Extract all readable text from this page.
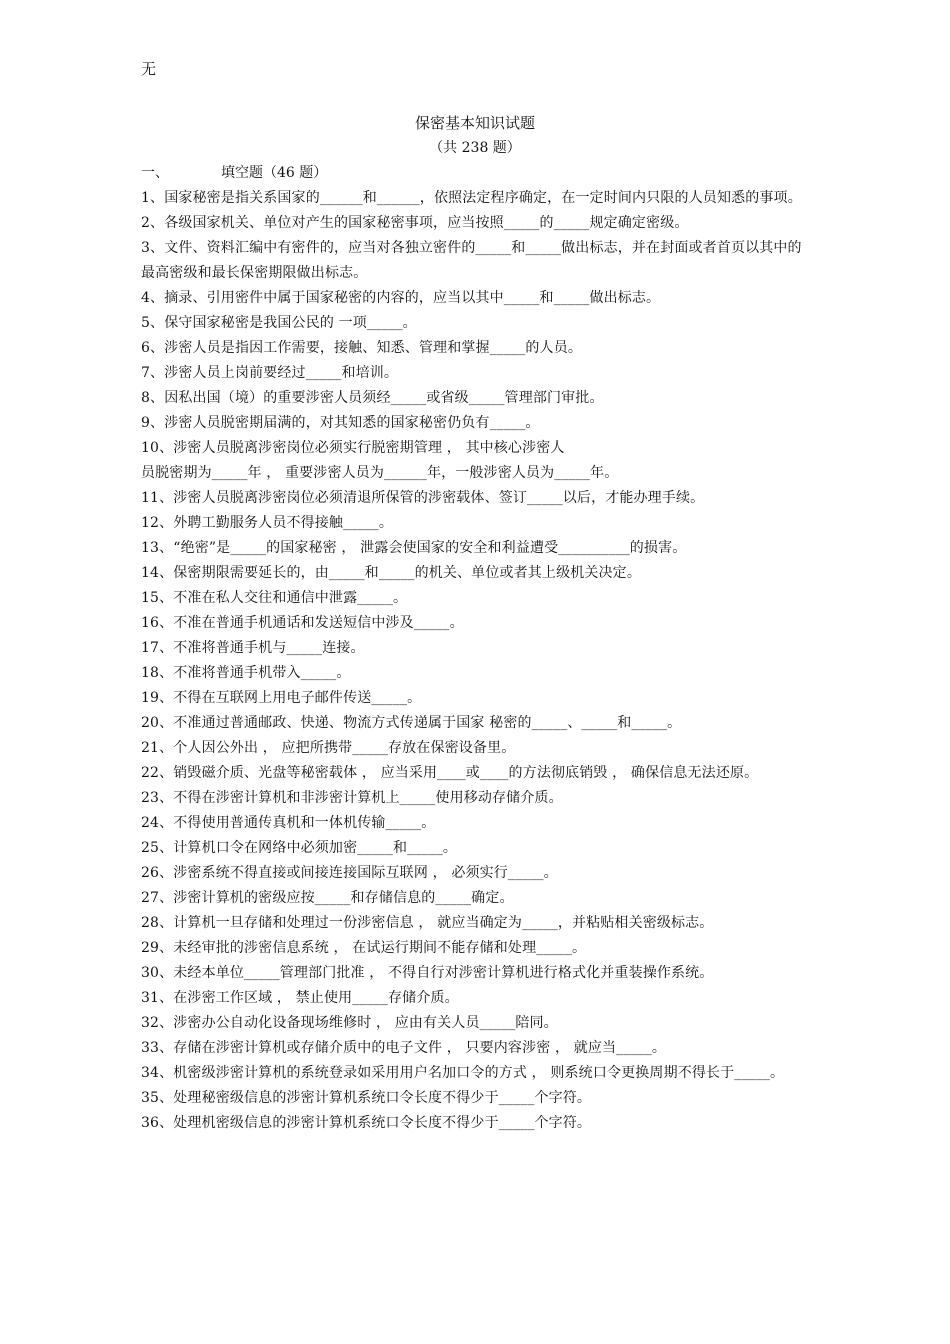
无
保密基本知识试题
（共 238 题）
一、	填空题（46 题）

1、国家秘密是指关系国家的______和______，依照法定程序确定，在一定时间内只限的人员知悉的事项。

2、各级国家机关、单位对产生的国家秘密事项，应当按照_____的_____规定确定密级。

3、文件、资料汇编中有密件的，应当对各独立密件的_____和_____做出标志，并在封面或者首页以其中的最高密级和最长保密期限做出标志。

4、摘录、引用密件中属于国家秘密的内容的，应当以其中_____和_____做出标志。

5、保守国家秘密是我国公民的 一项_____。

6、涉密人员是指因工作需要，接触、知悉、管理和掌握_____的人员。

7、涉密人员上岗前要经过_____和培训。

8、因私出国（境）的重要涉密人员须经_____或省级_____管理部门审批。

9、涉密人员脱密期届满的，对其知悉的国家秘密仍负有_____。

10、涉密人员脱离涉密岗位必须实行脱密期管理 ， 其中核心涉密人
员脱密期为_____年 ， 重要涉密人员为______年，一般涉密人员为_____年。

11、涉密人员脱离涉密岗位必须清退所保管的涉密载体、签订_____以后，才能办理手续。

12、外聘工勤服务人员不得接触_____。

13、“绝密”是_____的国家秘密 ， 泄露会使国家的安全和利益遭受__________的损害。

14、保密期限需要延长的，由_____和_____的机关、单位或者其上级机关决定。

15、不准在私人交往和通信中泄露_____。

16、不准在普通手机通话和发送短信中涉及_____。

17、不准将普通手机与_____连接。

18、不准将普通手机带入_____。

19、不得在互联网上用电子邮件传送_____。

20、不准通过普通邮政、快递、物流方式传递属于国家 秘密的_____、_____和_____。

21、个人因公外出 ， 应把所携带_____存放在保密设备里。

22、销毁磁介质、光盘等秘密载体 ， 应当采用____或____的方法彻底销毁 ， 确保信息无法还原。

23、不得在涉密计算机和非涉密计算机上_____使用移动存储介质。

24、不得使用普通传真机和一体机传输_____。

25、计算机口令在网络中必须加密_____和_____。

26、涉密系统不得直接或间接连接国际互联网 ， 必须实行_____。

27、涉密计算机的密级应按_____和存储信息的_____确定。

28、计算机一旦存储和处理过一份涉密信息 ， 就应当确定为_____，并粘贴相关密级标志。

29、未经审批的涉密信息系统 ， 在试运行期间不能存储和处理_____。

30、未经本单位_____管理部门批准 ， 不得自行对涉密计算机进行格式化并重装操作系统。

31、在涉密工作区域 ， 禁止使用_____存储介质。

32、涉密办公自动化设备现场维修时 ， 应由有关人员_____陪同。

33、存储在涉密计算机或存储介质中的电子文件 ， 只要内容涉密 ， 就应当_____。

34、机密级涉密计算机的系统登录如采用用户名加口令的方式 ， 则系统口令更换周期不得长于_____。

35、处理秘密级信息的涉密计算机系统口令长度不得少于_____个字符。

36、处理机密级信息的涉密计算机系统口令长度不得少于_____个字符。
